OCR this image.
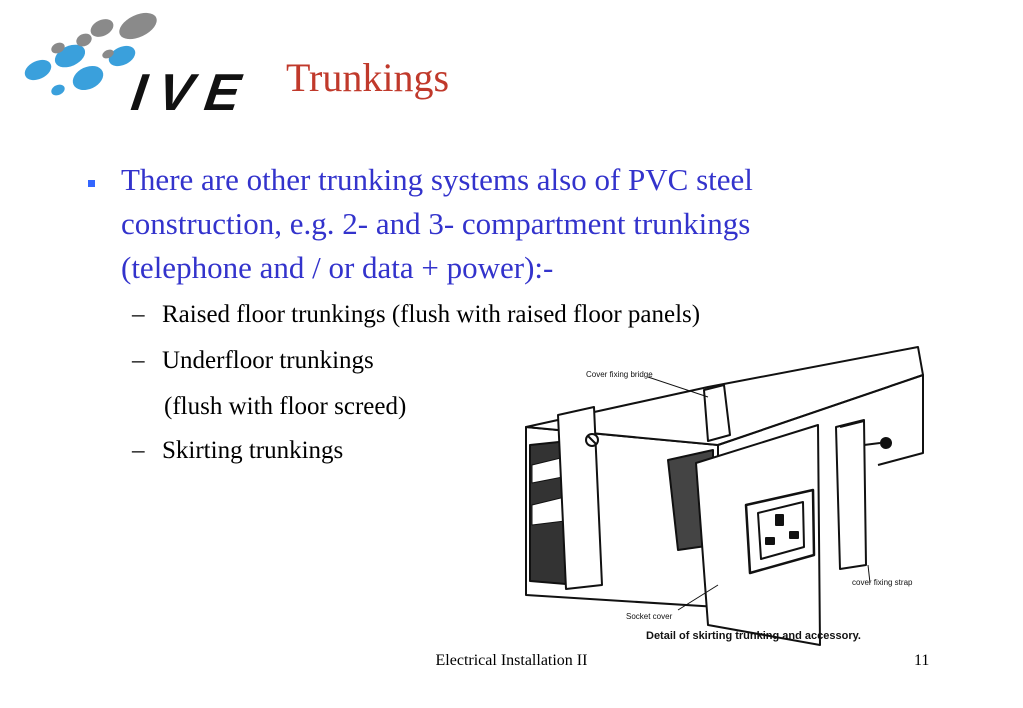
IVE Trunkings
There are other trunking systems also of PVC steel construction, e.g. 2- and 3- compartment trunkings (telephone and / or data + power):-
– Raised floor trunkings (flush with raised floor panels)
– Underfloor trunkings
(flush with floor screed)
– Skirting trunkings
Cover fixing bridge
cover fixing strap
Socket cover
Detail of skirting trunking and accessory.
Electrical Installation II	11
